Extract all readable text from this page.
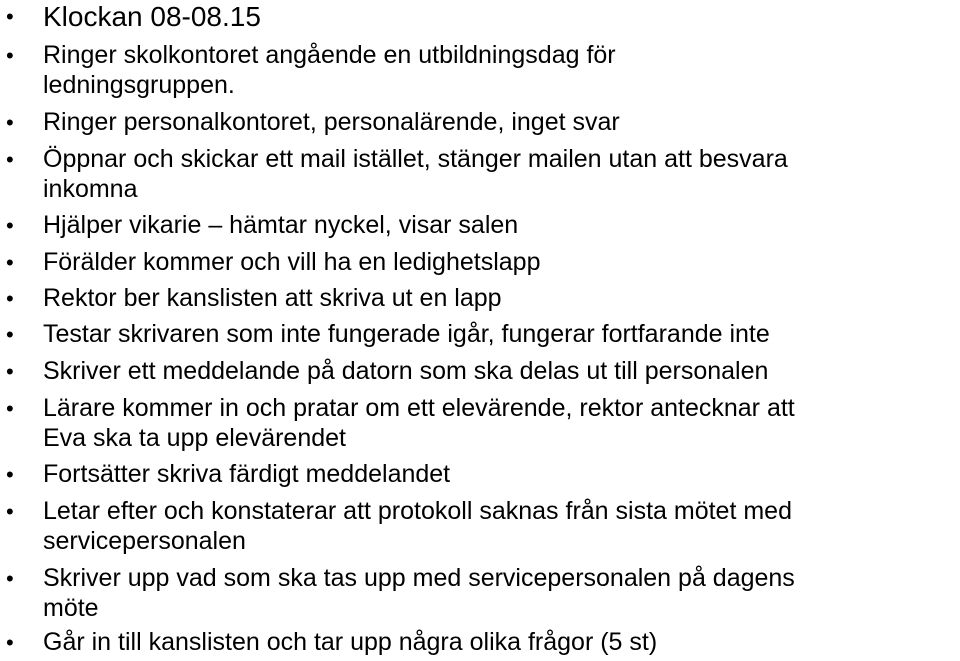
• Klockan 08-08.15
• Ringer skolkontoret angående en utbildningsdag för
ledningsgruppen.
• Ringer personalkontoret, personalärende, inget svar
• Öppnar och skickar ett mail istället, stänger mailen utan att besvara
inkomna
• Hjälper vikarie – hämtar nyckel, visar salen
• Förälder kommer och vill ha en ledighetslapp
• Rektor ber kanslisten att skriva ut en lapp
• Testar skrivaren som inte fungerade igår, fungerar fortfarande inte
• Skriver ett meddelande på datorn som ska delas ut till personalen
• Lärare kommer in och pratar om ett elevärende, rektor antecknar att
Eva ska ta upp elevärendet
• Fortsätter skriva färdigt meddelandet
• Letar efter och konstaterar att protokoll saknas från sista mötet med
servicepersonalen
• Skriver upp vad som ska tas upp med servicepersonalen på dagens
möte
• Går in till kanslisten och tar upp några olika frågor (5 st)
